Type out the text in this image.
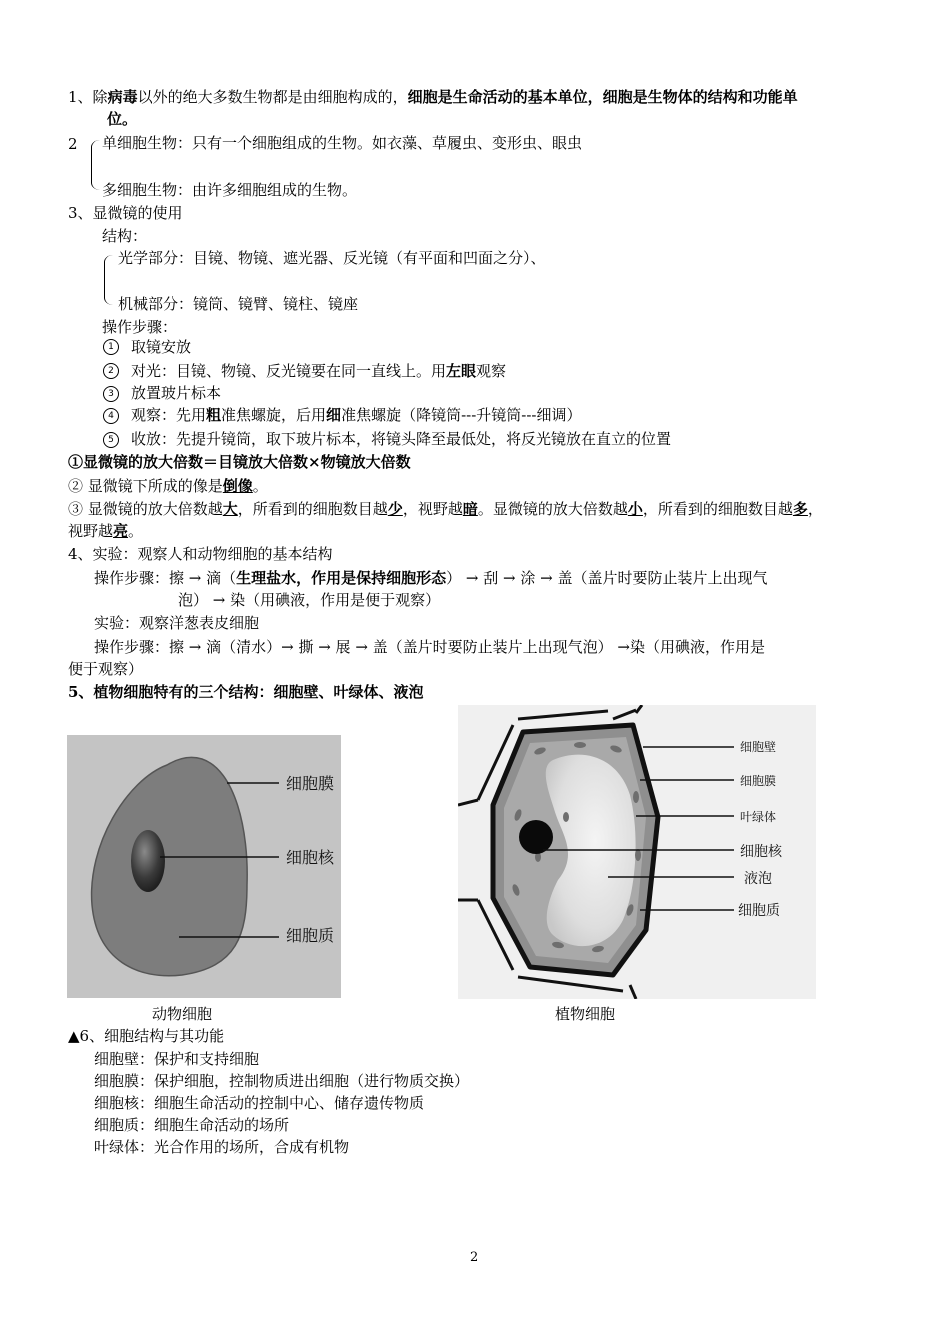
1、除病毒以外的绝大多数生物都是由细胞构成的，细胞是生命活动的基本单位，细胞是生物体的结构和功能单
位。
2 单细胞生物：只有一个细胞组成的生物。如衣藻、草履虫、变形虫、眼虫
多细胞生物：由许多细胞组成的生物。
3、显微镜的使用
结构：
光学部分：目镜、物镜、遮光器、反光镜（有平面和凹面之分）、
机械部分：镜筒、镜臂、镜柱、镜座
操作步骤：
1	取镜安放
2	对光：目镜、物镜、反光镜要在同一直线上。用左眼观察
3	放置玻片标本
4	观察：先用粗准焦螺旋，后用细准焦螺旋（降镜筒---升镜筒---细调）
5	收放：先提升镜筒，取下玻片标本，将镜头降至最低处，将反光镜放在直立的位置
①显微镜的放大倍数＝目镜放大倍数×物镜放大倍数
② 显微镜下所成的像是倒像。
③ 显微镜的放大倍数越大，所看到的细胞数目越少，视野越暗。显微镜的放大倍数越小，所看到的细胞数目越多，
视野越亮。
4、实验：观察人和动物细胞的基本结构
操作步骤：擦 → 滴（生理盐水，作用是保持细胞形态） → 刮 → 涂 → 盖（盖片时要防止装片上出现气
泡） → 染（用碘液，作用是便于观察）
实验：观察洋葱表皮细胞
操作步骤：擦 → 滴（清水）→ 撕 → 展 → 盖（盖片时要防止装片上出现气泡） →染（用碘液，作用是
便于观察）
5、植物细胞特有的三个结构：细胞壁、叶绿体、液泡
细胞膜
细胞核
细胞质
动物细胞
细胞壁
细胞膜
叶绿体
细胞核
液泡
细胞质
植物细胞
▲6、细胞结构与其功能
细胞壁：保护和支持细胞
细胞膜：保护细胞，控制物质进出细胞（进行物质交换）
细胞核：细胞生命活动的控制中心、储存遗传物质
细胞质：细胞生命活动的场所
叶绿体：光合作用的场所，合成有机物
2
